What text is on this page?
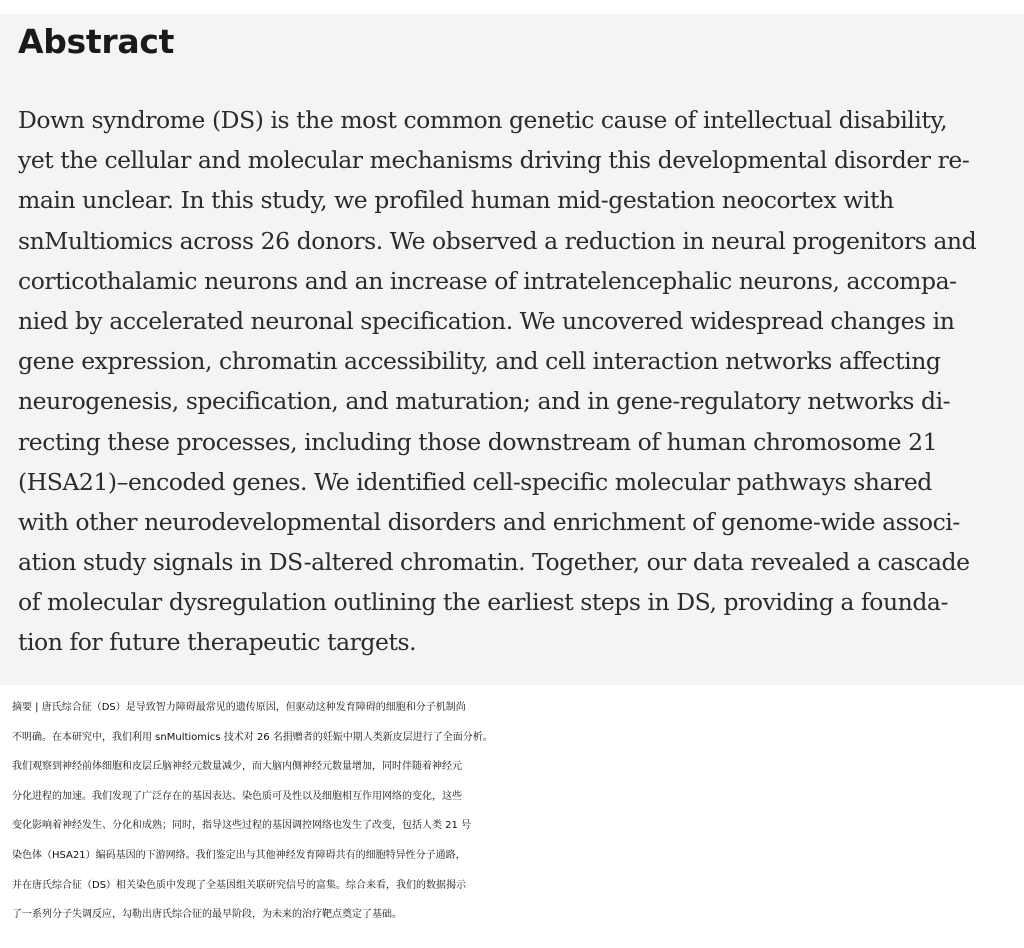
Abstract
Down syndrome (DS) is the most common genetic cause of intellectual disability,
yet the cellular and molecular mechanisms driving this developmental disorder re-
main unclear. In this study, we profiled human mid-gestation neocortex with
snMultiomics across 26 donors. We observed a reduction in neural progenitors and
corticothalamic neurons and an increase of intratelencephalic neurons, accompa-
nied by accelerated neuronal specification. We uncovered widespread changes in
gene expression, chromatin accessibility, and cell interaction networks affecting
neurogenesis, specification, and maturation; and in gene-regulatory networks di-
recting these processes, including those downstream of human chromosome 21
(HSA21)–encoded genes. We identified cell-specific molecular pathways shared
with other neurodevelopmental disorders and enrichment of genome-wide associ-
ation study signals in DS-altered chromatin. Together, our data revealed a cascade
of molecular dysregulation outlining the earliest steps in DS, providing a founda-
tion for future therapeutic targets.
摘要 | 唐氏综合征（DS）是导致智力障碍最常见的遗传原因，但驱动这种发育障碍的细胞和分子机制尚
不明确。在本研究中，我们利用 snMultiomics 技术对 26 名捐赠者的妊娠中期人类新皮层进行了全面分析。
我们观察到神经前体细胞和皮层丘脑神经元数量减少，而大脑内侧神经元数量增加，同时伴随着神经元
分化进程的加速。我们发现了广泛存在的基因表达、染色质可及性以及细胞相互作用网络的变化，这些
变化影响着神经发生、分化和成熟；同时，指导这些过程的基因调控网络也发生了改变，包括人类 21 号
染色体（HSA21）编码基因的下游网络。我们鉴定出与其他神经发育障碍共有的细胞特异性分子通路，
并在唐氏综合征（DS）相关染色质中发现了全基因组关联研究信号的富集。综合来看，我们的数据揭示
了一系列分子失调反应，勾勒出唐氏综合征的最早阶段，为未来的治疗靶点奠定了基础。
